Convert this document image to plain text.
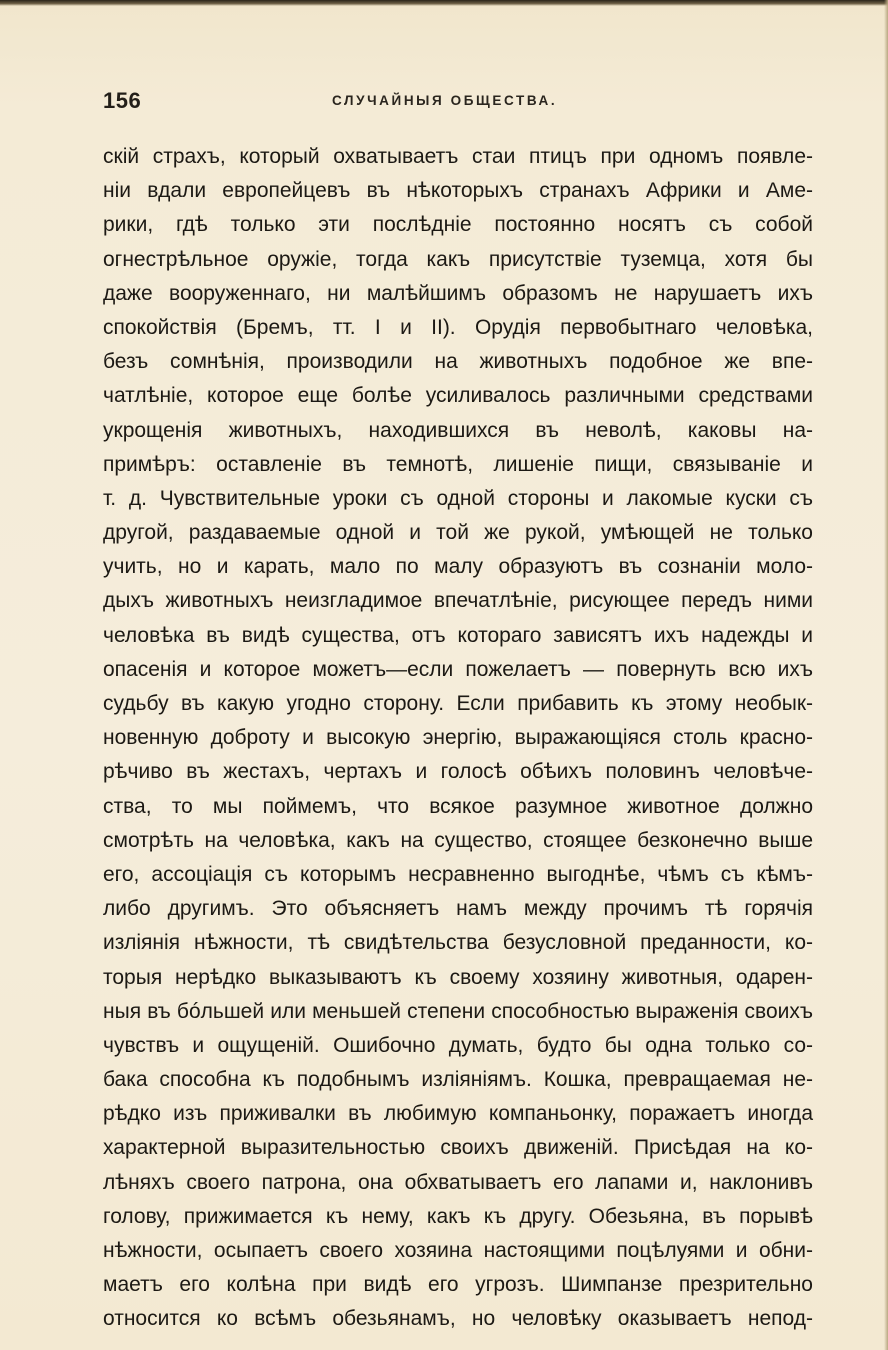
156	СЛУЧАЙНЫЯ ОБЩЕСТВА.
скій страхъ, который охватываетъ стаи птицъ при одномъ появле-
ніи вдали европейцевъ въ нѣкоторыхъ странахъ Африки и Аме-
рики, гдѣ только эти послѣдніе постоянно носятъ съ собой
огнестрѣльное оружіе, тогда какъ присутствіе туземца, хотя бы
даже вооруженнаго, ни малѣйшимъ образомъ не нарушаетъ ихъ
спокойствія (Бремъ, тт. I и II). Орудія первобытнаго человѣка,
безъ сомнѣнія, производили на животныхъ подобное же впе-
чатлѣніе, которое еще болѣе усиливалось различными средствами
укрощенія животныхъ, находившихся въ неволѣ, каковы на-
примѣръ: оставленіе въ темнотѣ, лишеніе пищи, связываніе и
т. д. Чувствительные уроки съ одной стороны и лакомые куски съ
другой, раздаваемые одной и той же рукой, умѣющей не только
учить, но и карать, мало по малу образуютъ въ сознаніи моло-
дыхъ животныхъ неизгладимое впечатлѣніе, рисующее передъ ними
человѣка въ видѣ существа, отъ котораго зависятъ ихъ надежды и
опасенія и которое можетъ—если пожелаетъ — повернуть всю ихъ
судьбу въ какую угодно сторону. Если прибавить къ этому необык-
новенную доброту и высокую энергію, выражающіяся столь красно-
рѣчиво въ жестахъ, чертахъ и голосѣ обѣихъ половинъ человѣче-
ства, то мы поймемъ, что всякое разумное животное должно
смотрѣть на человѣка, какъ на существо, стоящее безконечно выше
его, ассоціація съ которымъ несравненно выгоднѣе, чѣмъ съ кѣмъ-
либо другимъ. Это объясняетъ намъ между прочимъ тѣ горячія
изліянія нѣжности, тѣ свидѣтельства безусловной преданности, ко-
торыя нерѣдко выказываютъ къ своему хозяину животныя, одарен-
ныя въ бóльшей или меньшей степени способностью выраженія своихъ
чувствъ и ощущеній. Ошибочно думать, будто бы одна только со-
бака способна къ подобнымъ изліяніямъ. Кошка, превращаемая не-
рѣдко изъ приживалки въ любимую компаньонку, поражаетъ иногда
характерной выразительностью своихъ движеній. Присѣдая на ко-
лѣняхъ своего патрона, она обхватываетъ его лапами и, наклонивъ
голову, прижимается къ нему, какъ къ другу. Обезьяна, въ порывѣ
нѣжности, осыпаетъ своего хозяина настоящими поцѣлуями и обни-
маетъ его колѣна при видѣ его угрозъ. Шимпанзе презрительно
относится ко всѣмъ обезьянамъ, но человѣку оказываетъ непод-
